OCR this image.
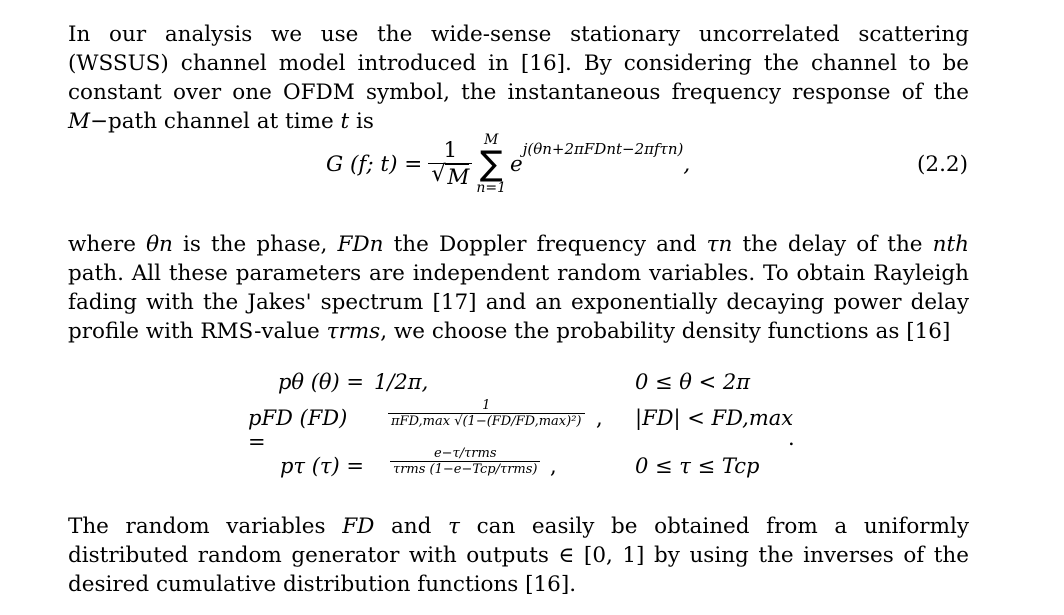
In our analysis we use the wide-sense stationary uncorrelated scattering (WSSUS) channel model introduced in [16]. By considering the channel to be constant over one OFDM symbol, the instantaneous frequency response of the M−path channel at time t is
G (f; $t) = \frac{1}{√ M}$ M
∑
n=1
$e^{j(\theta n+2\pi FDnt-2\pi f\tau n)}$,	(2.2)
where θn is the phase, FDn the Doppler frequency and τn the delay of the nth path. All these parameters are independent random variables. To obtain Rayleigh fading with the Jakes' spectrum [17] and an exponentially decaying power delay profile with RMS-value τrms, we choose the probability density functions as [16]
pθ (θ) = 1/2π,	0 ≤ θ < 2π
pFD (FD) =
1
πFD,max √(1−(FD/FD,max)²) , |FD| < FD,max
.
pτ (τ) =
e−τ/τrms
τrms (1−e−Tcp/τrms) ,	0 ≤ τ ≤ Tcp
The random variables FD and τ can easily be obtained from a uniformly distributed random generator with outputs ∈ [0, 1] by using the inverses of the desired cumulative distribution functions [16].
